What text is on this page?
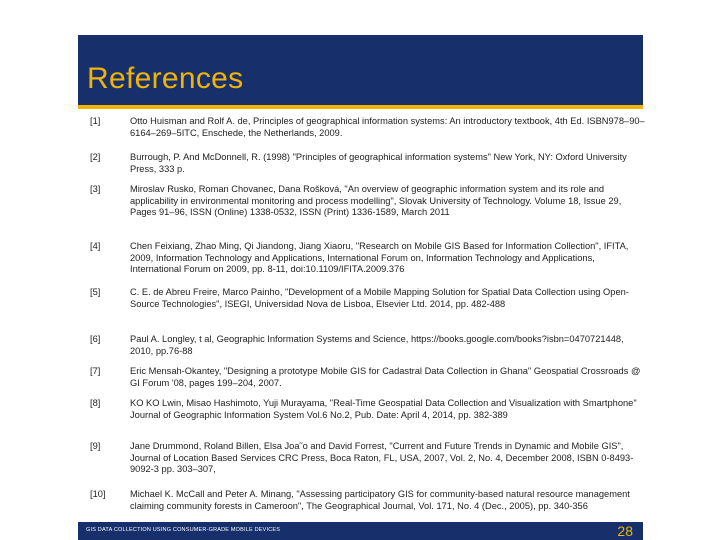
References
[1]	Otto Huisman and Rolf A. de, Principles of geographical information systems: An introductory textbook, 4th Ed. ISBN978–90–6164–269–5ITC, Enschede, the Netherlands, 2009.
[2]	Burrough, P. And McDonnell, R. (1998) "Principles of geographical information systems" New York, NY: Oxford University Press, 333 p.
[3]	Miroslav Rusko, Roman Chovanec, Dana Rošková, "An overview of geographic information system and its role and applicability in environmental monitoring and process modelling", Slovak University of Technology. Volume 18, Issue 29, Pages 91–96, ISSN (Online) 1338-0532, ISSN (Print) 1336-1589, March 2011
[4]	Chen Feixiang, Zhao Ming, Qi Jiandong, Jiang Xiaoru, "Research on Mobile GIS Based for Information Collection", IFITA, 2009, Information Technology and Applications, International Forum on, Information Technology and Applications, International Forum on 2009, pp. 8-11, doi:10.1109/IFITA.2009.376
[5]	C. E. de Abreu Freire, Marco Painho, "Development of a Mobile Mapping Solution for Spatial Data Collection using Open-Source Technologies", ISEGI, Universidad Nova de Lisboa, Elsevier Ltd. 2014, pp. 482-488
[6]	Paul A. Longley, t al, Geographic Information Systems and Science, https://books.google.com/books?isbn=0470721448, 2010, pp.76-88
[7]	Eric Mensah-Okantey, "Designing a prototype Mobile GIS for Cadastral Data Collection in Ghana" Geospatial Crossroads @ GI Forum '08, pages 199–204, 2007.
[8]	KO KO Lwin, Misao Hashimoto, Yuji Murayama, "Real-Time Geospatial Data Collection and Visualization with Smartphone" Journal of Geographic Information System Vol.6 No.2, Pub. Date: April 4, 2014, pp. 382-389
[9]	Jane Drummond, Roland Billen, Elsa Joa˜o and David Forrest, "Current and Future Trends in Dynamic and Mobile GIS", Journal of Location Based Services CRC Press, Boca Raton, FL, USA, 2007, Vol. 2, No. 4, December 2008, ISBN 0-8493-9092-3 pp. 303–307,
[10]	Michael K. McCall and Peter A. Minang, "Assessing participatory GIS for community-based natural resource management claiming community forests in Cameroon", The Geographical Journal, Vol. 171, No. 4 (Dec., 2005), pp. 340-356
GIS DATA COLLECTION USING CONSUMER-GRADE MOBILE DEVICES	28
